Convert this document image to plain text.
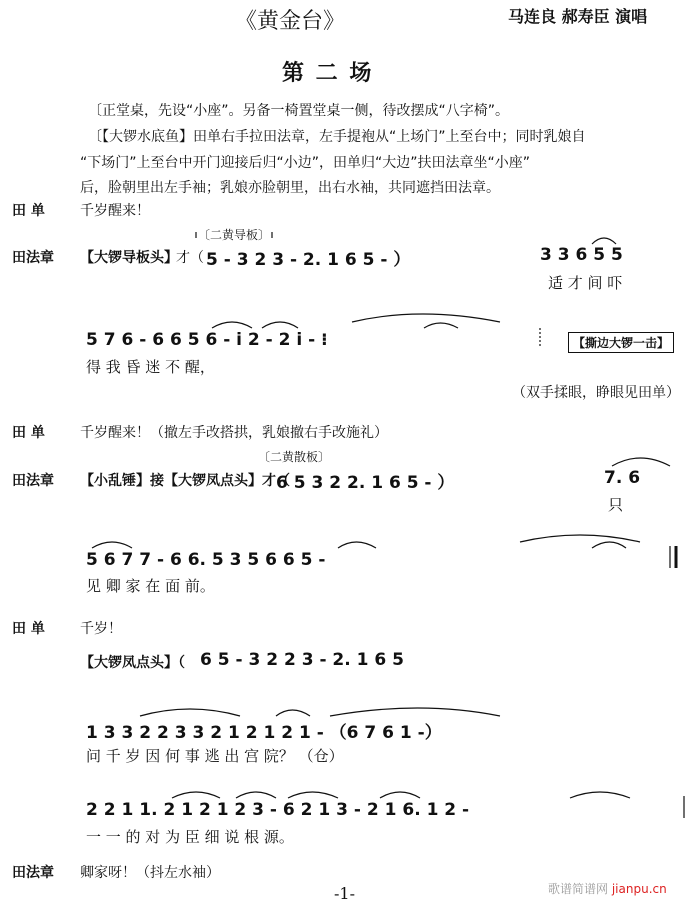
《黄金台》	马连良 郝寿臣 演唱
第 二 场
〔正堂桌，先设“小座”。另备一椅置堂桌一侧，待改摆成“八字椅”。
〔【大锣水底鱼】田单右手拉田法章，左手提袍从“上场门”上至台中；同时乳娘自
“下场门”上至台中开门迎接后归“小边”，田单归“大边”扶田法章坐“小座”
后，脸朝里出左手袖；乳娘亦脸朝里，出右水袖，共同遮挡田法章。
田 单	千岁醒来！
〔二黄导板〕
田法章 【大锣导板头】
才（ 5 - 3 2 3 - 2. 1 6 5 - ）	3 3 6 5 5
适 才 间 吓
5 7 6 - 6 6 5 6 - i 2 - 2 i - ⁝	【撕边大锣一击】
得 我 昏 迷 不 醒，
（双手揉眼，睁眼见田单）
田 单	千岁醒来！（撤左手改搭拱，乳娘撤右手改施礼）
〔二黄散板〕
田法章 【小乱锤】接【大锣凤点头】才（
6 5 3 2 2. 1 6 5 - ）	7. 6
只
5 6 7 7 - 6 6. 5 3 5 6 6 5 -
见 卿 家 在 面 前。
田 单	千岁！
【大锣凤点头】（ 6 5 - 3 2 2 3 - 2. 1 6 5
1 3 3 2 2 3 3 2 1 2 1 2 1 - （6 7 6 1 -）
问 千 岁 因 何 事 逃 出 宫 院？ （仓）
2 2 1 1. 2 1 2 1 2 3 - 6 2 1 3 - 2 1 6. 1 2 -
一 一 的 对 为 臣 细 说 根 源。
田法章 卿家呀！（抖左水袖）
-1-	歌谱简谱网 jianpu.cn
